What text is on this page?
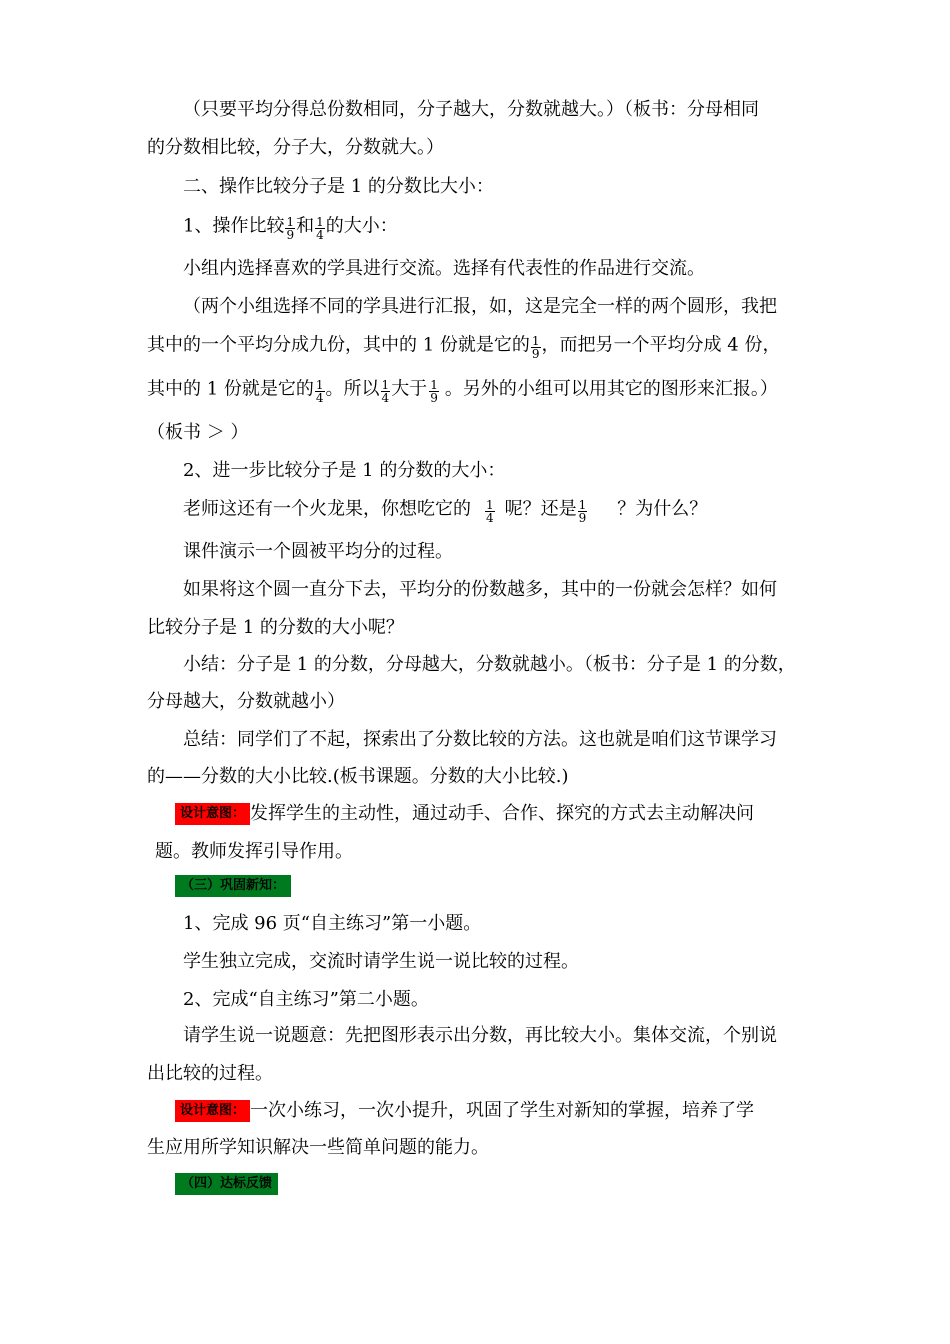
（只要平均分得总份数相同，分子越大，分数就越大。）（板书：分母相同
的分数相比较，分子大，分数就大。）
二、操作比较分子是 1 的分数比大小：
1、操作比较 $\frac{1}{9}$ 和 $\frac{1}{4}$ 的大小：
小组内选择喜欢的学具进行交流。选择有代表性的作品进行交流。
（两个小组选择不同的学具进行汇报，如，这是完全一样的两个圆形，我把
其中的一个平均分成九份，其中的 1 份就是它的 $\frac{1}{9}$ ，而把另一个平均分成 4 份，
其中的 1 份就是它的 $\frac{1}{4}$ 。所以 $\frac{1}{4}$ 大于 $\frac{1}{9}$ 。另外的小组可以用其它的图形来汇报。）
（板书 ＞ ）
2、进一步比较分子是 1 的分数的大小：
老师这还有一个火龙果，你想吃它的 $\frac{1}{4}$ 呢？还是 $\frac{1}{9}$ ？为什么？
课件演示一个圆被平均分的过程。
如果将这个圆一直分下去，平均分的份数越多，其中的一份就会怎样？如何
比较分子是 1 的分数的大小呢？
小结：分子是 1 的分数，分母越大，分数就越小。（板书：分子是 1 的分数，
分母越大，分数就越小）
总结：同学们了不起，探索出了分数比较的方法。这也就是咱们这节课学习
的——分数的大小比较.(板书课题。分数的大小比较.)
设计意图： 发挥学生的主动性，通过动手、合作、探究的方式去主动解决问
题。教师发挥引导作用。
（三）巩固新知：
1、完成 96 页“自主练习”第一小题。
学生独立完成，交流时请学生说一说比较的过程。
2、完成“自主练习”第二小题。
请学生说一说题意：先把图形表示出分数，再比较大小。集体交流，个别说
出比较的过程。
设计意图： 一次小练习，一次小提升，巩固了学生对新知的掌握，培养了学
生应用所学知识解决一些简单问题的能力。
（四）达标反馈
